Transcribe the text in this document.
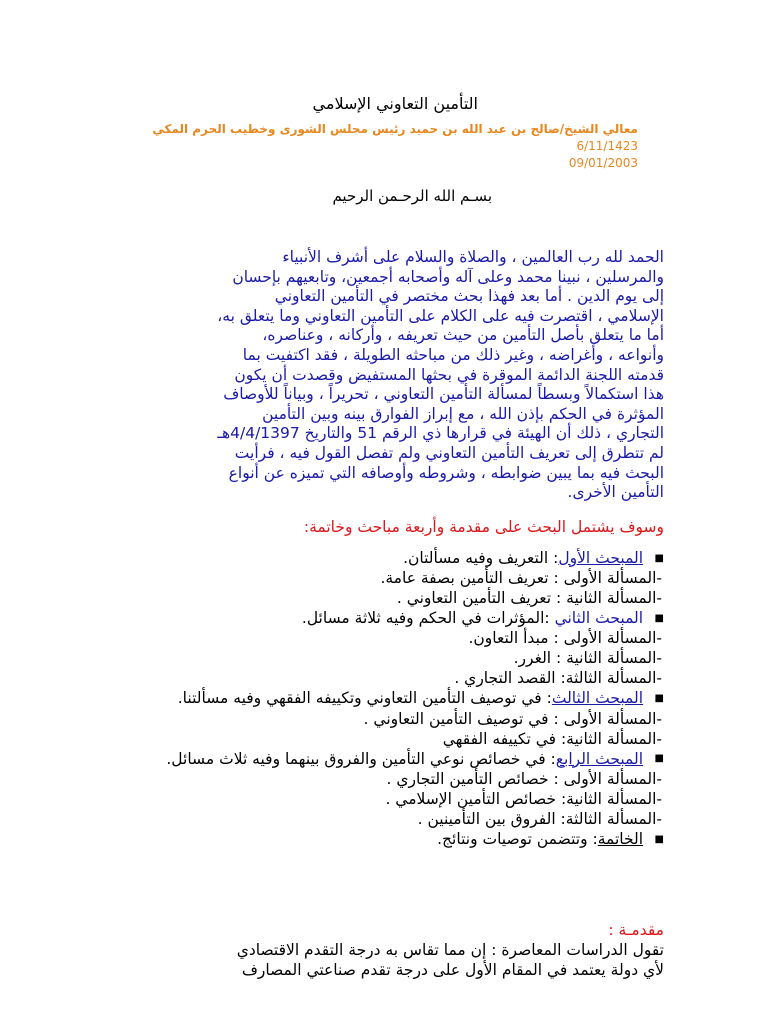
التأمين التعاوني الإسلامي
معالي الشيخ/صالح بن عبد الله بن حميد رئيس مجلس الشورى وخطيب الحرم المكي
6/11/1423
09/01/2003
بسـم الله الرحـمن الرحيم
الحمد لله رب العالمين ، والصلاة والسلام على أشرف الأنبياء
والمرسلين ، نبينا محمد وعلى آله وأصحابه أجمعين، وتابعيهم بإحسان
إلى يوم الدين . أما بعد فهذا بحث مختصر في التأمين التعاوني
الإسلامي ، اقتصرت فيه على الكلام على التأمين التعاوني وما يتعلق به،
أما ما يتعلق بأصل التأمين من حيث تعريفه ، وأركانه ، وعناصره،
وأنواعه ، وأغراضه ، وغير ذلك من مباحثه الطويلة ، فقد اكتفيت بما
قدمته اللجنة الدائمة الموقرة في بحثها المستفيض وقصدت أن يكون
هذا استكمالاً وبسطاً لمسألة التأمين التعاوني ، تحريراً ، وبياناً للأوصاف
المؤثرة في الحكم بإذن الله ، مع إبراز الفوارق بينه وبين التأمين
التجاري ، ذلك أن الهيئة في قرارها ذي الرقم 51 والتاريخ 4/4/1397هـ
لم تتطرق إلى تعريف التأمين التعاوني ولم تفصل القول فيه ، فرأيت
البحث فيه بما يبين ضوابطه ، وشروطه وأوصافه التي تميزه عن أنواع
التأمين الأخرى.
وسوف يشتمل البحث على مقدمة وأربعة مباحث وخاتمة:
■ المبحث الأول: التعريف وفيه مسألتان.
-المسألة الأولى : تعريف التأمين بصفة عامة.
-المسألة الثانية : تعريف التأمين التعاوني .
■ المبحث الثاني :المؤثرات في الحكم وفيه ثلاثة مسائل.
-المسألة الأولى : مبدأ التعاون.
-المسألة الثانية : الغرر.
-المسألة الثالثة: القصد التجاري .
■ المبحث الثالث: في توصيف التأمين التعاوني وتكييفه الفقهي وفيه مسألتنا.
-المسألة الأولى : في توصيف التأمين التعاوني .
-المسألة الثانية: في تكييفه الفقهي
■ المبحث الرابع: في خصائص نوعي التأمين والفروق بينهما وفيه ثلاث مسائل.
-المسألة الأولى : خصائص التأمين التجاري .
-المسألة الثانية: خصائص التأمين الإسلامي .
-المسألة الثالثة: الفروق بين التأمينين .
■ الخاتمة: وتتضمن توصيات ونتائج.
مقدمـة :
تقول الدراسات المعاصرة : إن مما تقاس به درجة التقدم الاقتصادي
لأي دولة يعتمد في المقام الأول على درجة تقدم صناعتي المصارف
